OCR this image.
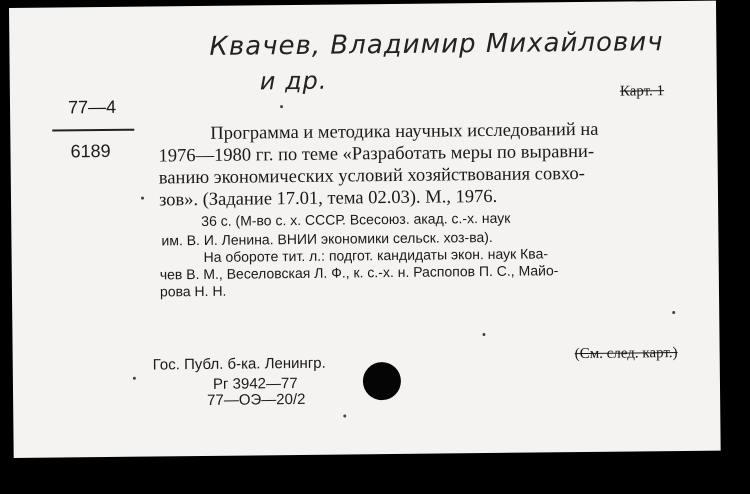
Квачев, Владимир Михайлович
и др.
77—4
6189
Карт. 1
Программа и методика научных исследований на
1976—1980 гг. по теме «Разработать меры по выравни-
ванию экономических условий хозяйствования совхо-
зов». (Задание 17.01, тема 02.03). М., 1976.
36 с. (М-во с. х. СССР. Всесоюз. акад. с.-х. наук
им. В. И. Ленина. ВНИИ экономики сельск. хоз-ва).
На обороте тит. л.: подгот. кандидаты экон. наук Ква-
чев В. М., Веселовская Л. Ф., к. с.-х. н. Распопов П. С., Майо-
рова Н. Н.
Гос. Публ. б-ка. Ленингр.
Рг 3942—77
77—ОЭ—20/2
(См. след. карт.)
